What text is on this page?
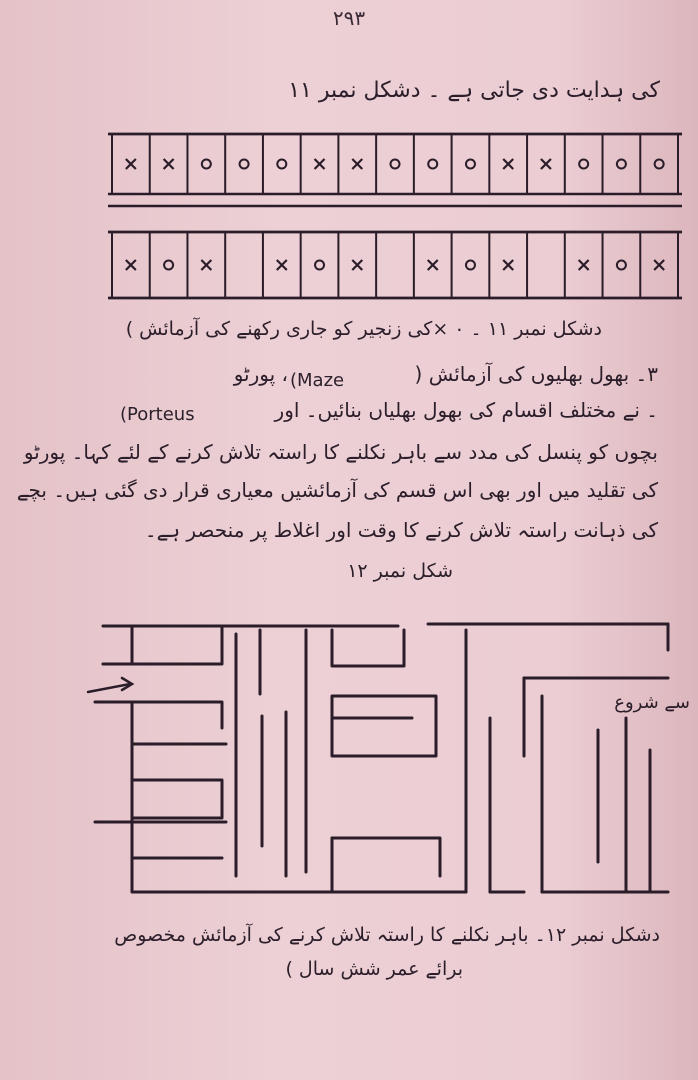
۲۹۳
کی ہدایت دی جاتی ہے ۔ دشکل نمبر ۱۱
دشکل نمبر ۱۱ ۔ ۰ ×کی زنجیر کو جاری رکھنے کی آزمائش )
۳۔ بھول بھلیوں کی آزمائش (
(Maze
، پورٹو
(Porteus	۔ نے مختلف اقسام کی بھول بھلیاں بنائیں۔ اور
بچوں کو پنسل کی مدد سے باہر نکلنے کا راستہ تلاش کرنے کے لئے کہا۔ پورٹو
کی تقلید میں اور بھی اس قسم کی آزمائشیں معیاری قرار دی گئی ہیں۔ بچے
کی ذہانت راستہ تلاش کرنے کا وقت اور اغلاط پر منحصر ہے۔
شکل نمبر ۱۲
سے شروع
دشکل نمبر ۱۲۔ باہر نکلنے کا راستہ تلاش کرنے کی آزمائش مخصوص
برائے عمر شش سال )
